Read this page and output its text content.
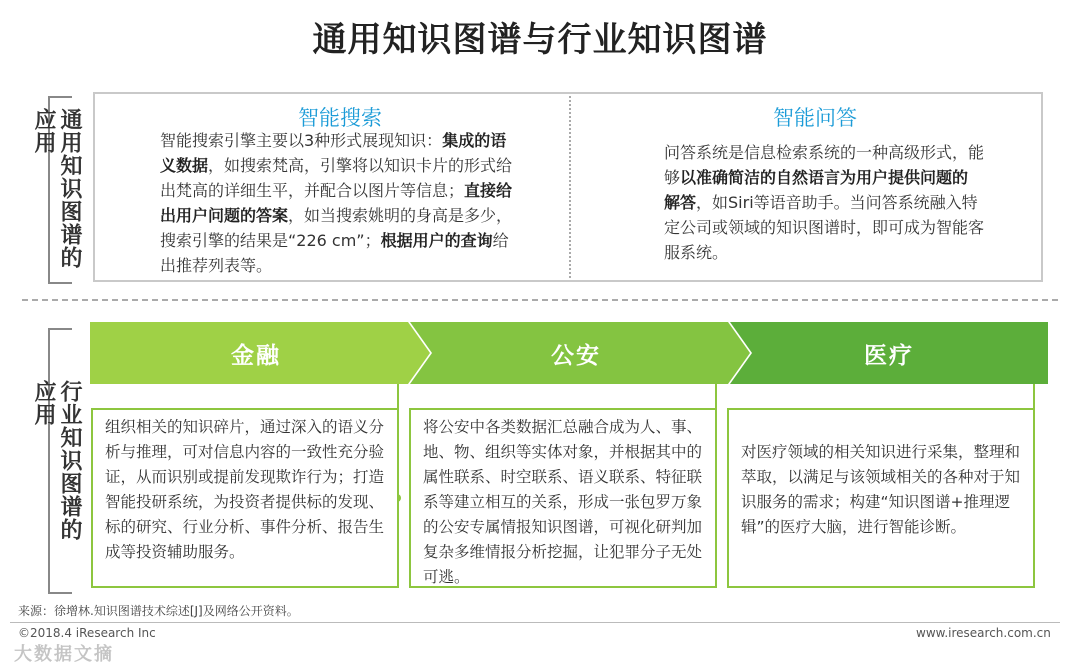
通用知识图谱与行业知识图谱
通用知识图谱的应用	智能搜索
智能搜索引擎主要以3种形式展现知识：集成的语义数据，如搜索梵高，引擎将以知识卡片的形式给出梵高的详细生平，并配合以图片等信息；直接给出用户问题的答案，如当搜索姚明的身高是多少，搜索引擎的结果是“226 cm”；根据用户的查询给出推荐列表等。
智能问答
问答系统是信息检索系统的一种高级形式，能够以准确简洁的自然语言为用户提供问题的解答，如Siri等语音助手。当问答系统融入特定公司或领域的知识图谱时，即可成为智能客服系统。
行业知识图谱的应用
金融	公安	医疗
组织相关的知识碎片，通过深入的语义分析与推理，可对信息内容的一致性充分验证，从而识别或提前发现欺诈行为；打造智能投研系统，为投资者提供标的发现、标的研究、行业分析、事件分析、报告生成等投资辅助服务。
将公安中各类数据汇总融合成为人、事、地、物、组织等实体对象，并根据其中的属性联系、时空联系、语义联系、特征联系等建立相互的关系，形成一张包罗万象的公安专属情报知识图谱，可视化研判加复杂多维情报分析挖掘，让犯罪分子无处可逃。
对医疗领域的相关知识进行采集，整理和萃取，以满足与该领域相关的各种对于知识服务的需求；构建“知识图谱+推理逻辑”的医疗大脑，进行智能诊断。
来源：徐增林.知识图谱技术综述[J]及网络公开资料。
©2018.4 iResearch Inc	www.iresearch.com.cn
大数据文摘
